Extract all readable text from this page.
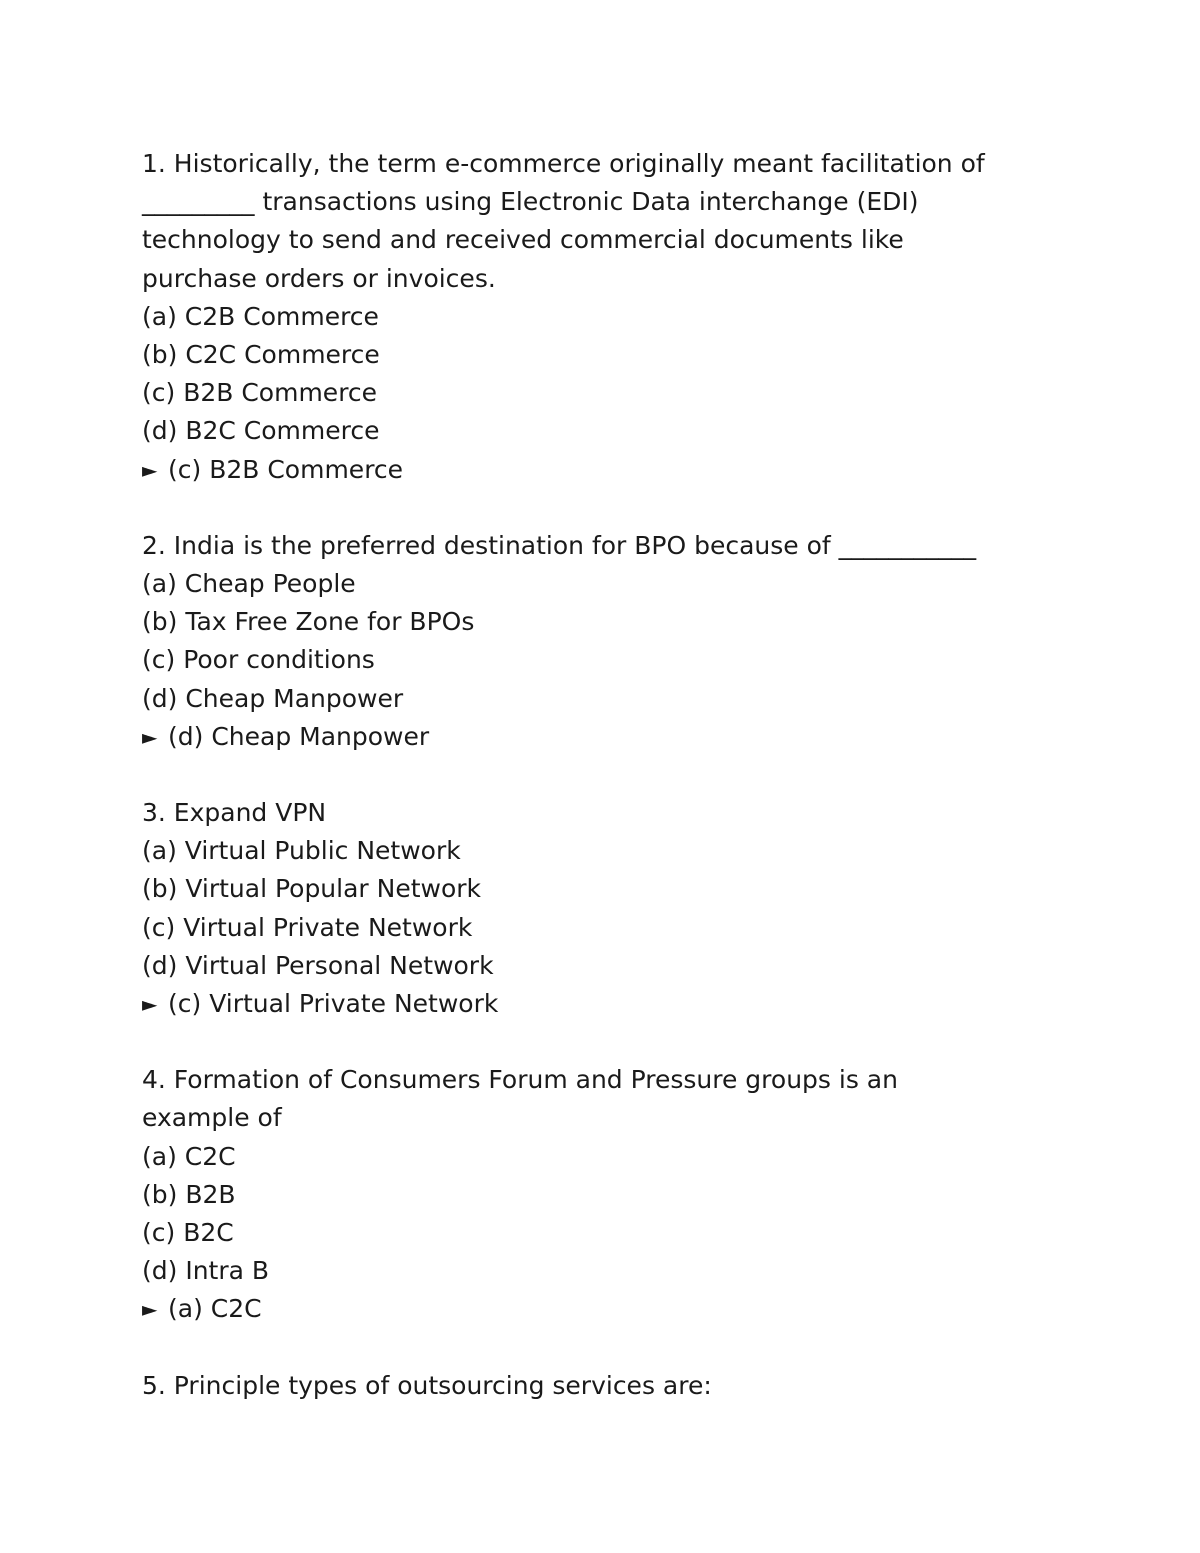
1. Historically, the term e-commerce originally meant facilitation of
_________ transactions using Electronic Data interchange (EDI)
technology to send and received commercial documents like
purchase orders or invoices.
(a) C2B Commerce
(b) C2C Commerce
(c) B2B Commerce
(d) B2C Commerce
► (c) B2B Commerce
2. India is the preferred destination for BPO because of ___________
(a) Cheap People
(b) Tax Free Zone for BPOs
(c) Poor conditions
(d) Cheap Manpower
► (d) Cheap Manpower
3. Expand VPN
(a) Virtual Public Network
(b) Virtual Popular Network
(c) Virtual Private Network
(d) Virtual Personal Network
► (c) Virtual Private Network
4. Formation of Consumers Forum and Pressure groups is an
example of
(a) C2C
(b) B2B
(c) B2C
(d) Intra B
► (a) C2C
5. Principle types of outsourcing services are:
